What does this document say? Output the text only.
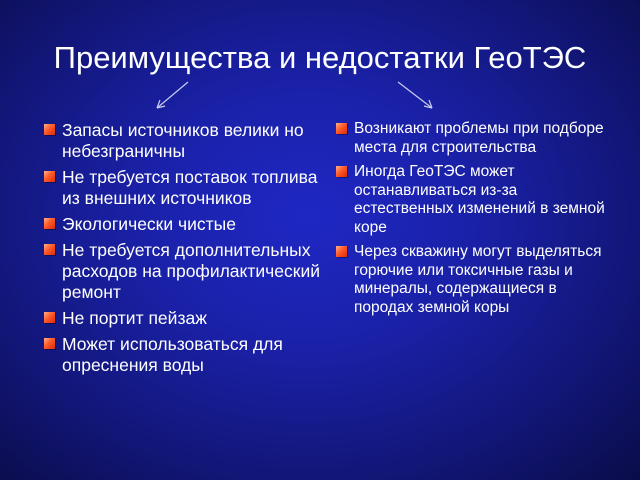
Преимущества и недостатки ГеоТЭС
Запасы источников велики но небезграничны
Не требуется поставок топлива из внешних источников
Экологически чистые
Не требуется дополнительных расходов на профилактический ремонт
Не портит пейзаж
Может использоваться для опреснения воды
Возникают проблемы при подборе места для строительства
Иногда ГеоТЭС может останавливаться из-за естественных изменений в земной коре
Через скважину могут выделяться горючие или токсичные газы и минералы, содержащиеся в породах земной коры
